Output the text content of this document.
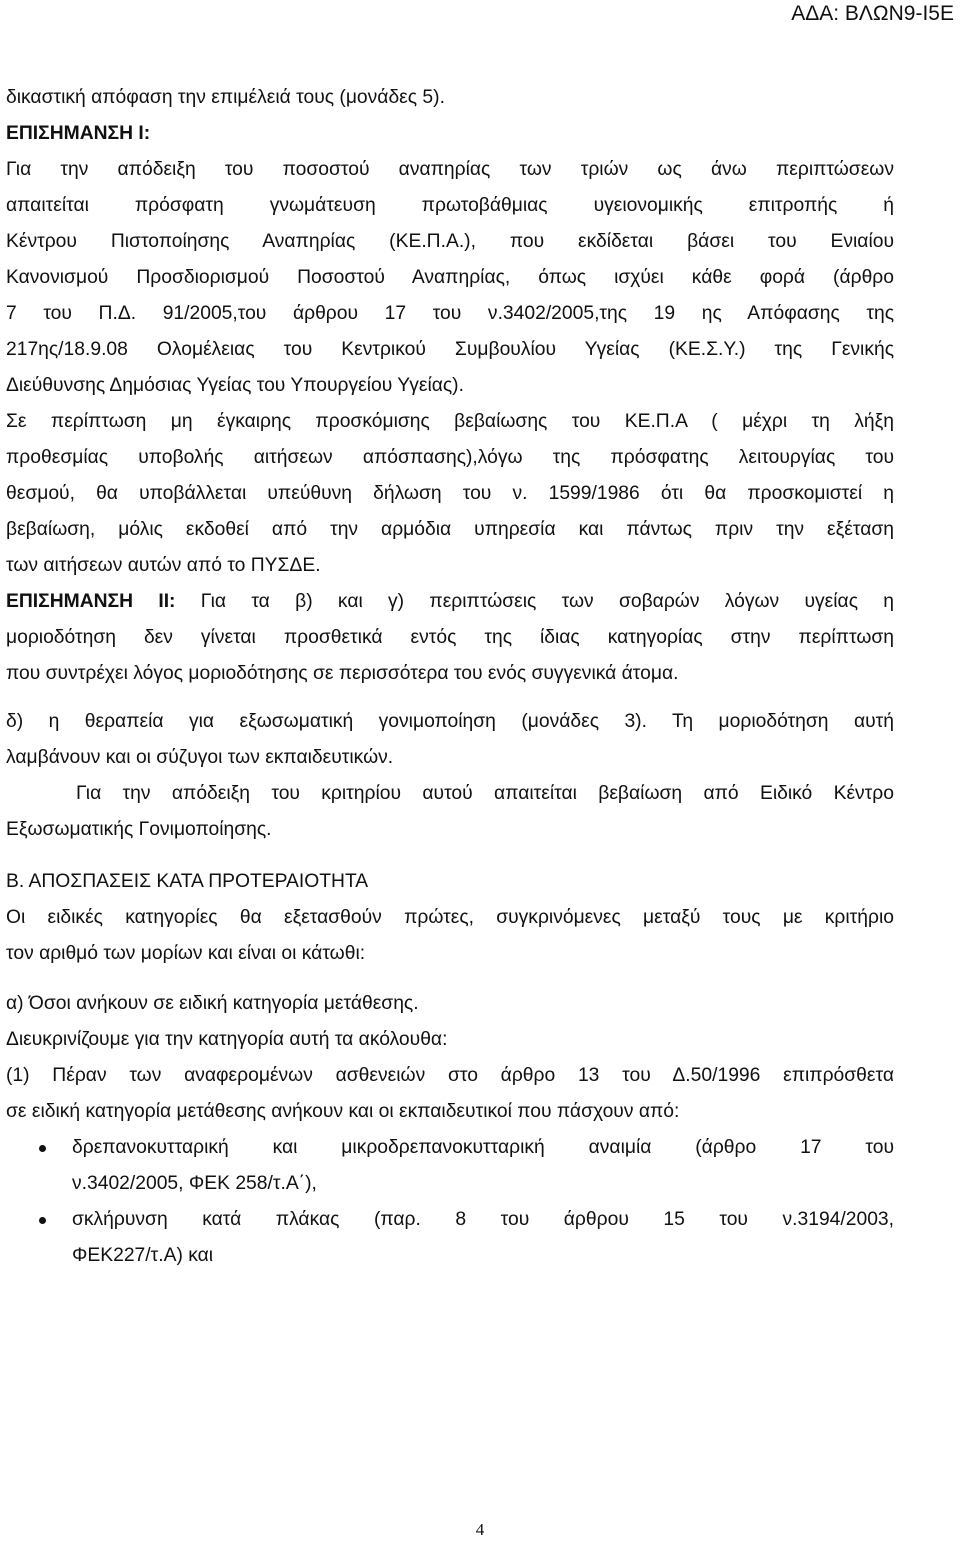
ΑΔΑ: ΒΛΩΝ9-Ι5Ε

δικαστική απόφαση την επιμέλειά τους (μονάδες 5).

ΕΠΙΣΗΜΑΝΣΗ Ι:

Για την απόδειξη του ποσοστού αναπηρίας των τριών ως άνω περιπτώσεων

απαιτείται πρόσφατη γνωμάτευση πρωτοβάθμιας υγειονομικής επιτροπής ή

Κέντρου Πιστοποίησης Αναπηρίας (ΚΕ.Π.Α.), που εκδίδεται βάσει του Ενιαίου

Κανονισμού Προσδιορισμού Ποσοστού Αναπηρίας, όπως ισχύει κάθε φορά (άρθρο

7 του Π.Δ. 91/2005,του άρθρου 17 του ν.3402/2005,της 19 ης Απόφασης της

217ης/18.9.08 Ολομέλειας του Κεντρικού Συμβουλίου Υγείας (ΚΕ.Σ.Υ.) της Γενικής

Διεύθυνσης Δημόσιας Υγείας του Υπουργείου Υγείας).

Σε περίπτωση μη έγκαιρης προσκόμισης βεβαίωσης του ΚΕ.Π.Α ( μέχρι τη λήξη

προθεσμίας υποβολής αιτήσεων απόσπασης),λόγω της πρόσφατης λειτουργίας του

θεσμού, θα υποβάλλεται υπεύθυνη δήλωση του ν. 1599/1986 ότι θα προσκομιστεί η

βεβαίωση, μόλις εκδοθεί από την αρμόδια υπηρεσία και πάντως πριν την εξέταση

των αιτήσεων αυτών από το ΠΥΣΔΕ.

ΕΠΙΣΗΜΑΝΣΗ ΙΙ: Για τα β) και γ) περιπτώσεις των σοβαρών λόγων υγείας η

μοριοδότηση δεν γίνεται προσθετικά εντός της ίδιας κατηγορίας στην περίπτωση

που συντρέχει λόγος μοριοδότησης σε περισσότερα του ενός συγγενικά άτομα.

δ) η θεραπεία για εξωσωματική γονιμοποίηση (μονάδες 3). Τη μοριοδότηση αυτή

λαμβάνουν και οι σύζυγοι των εκπαιδευτικών.

Για την απόδειξη του κριτηρίου αυτού απαιτείται βεβαίωση από Ειδικό Κέντρο

Εξωσωματικής Γονιμοποίησης.

Β. ΑΠΟΣΠΑΣΕΙΣ ΚΑΤΑ ΠΡΟΤΕΡΑΙΟΤΗΤΑ

Οι ειδικές κατηγορίες θα εξετασθούν πρώτες, συγκρινόμενες μεταξύ τους με κριτήριο

τον αριθμό των μορίων και είναι οι κάτωθι:

α) Όσοι ανήκουν σε ειδική κατηγορία μετάθεσης.

Διευκρινίζουμε για την κατηγορία αυτή τα ακόλουθα:

(1) Πέραν των αναφερομένων ασθενειών στο άρθρο 13 του Δ.50/1996 επιπρόσθετα

σε ειδική κατηγορία μετάθεσης ανήκουν και οι εκπαιδευτικοί που πάσχουν από:

δρεπανοκυτταρική και μικροδρεπανοκυτταρική αναιμία (άρθρο 17 του

ν.3402/2005, ΦΕΚ 258/τ.Α΄),

σκλήρυνση κατά πλάκας (παρ. 8 του άρθρου 15 του ν.3194/2003,

ΦΕΚ227/τ.Α) και

4
